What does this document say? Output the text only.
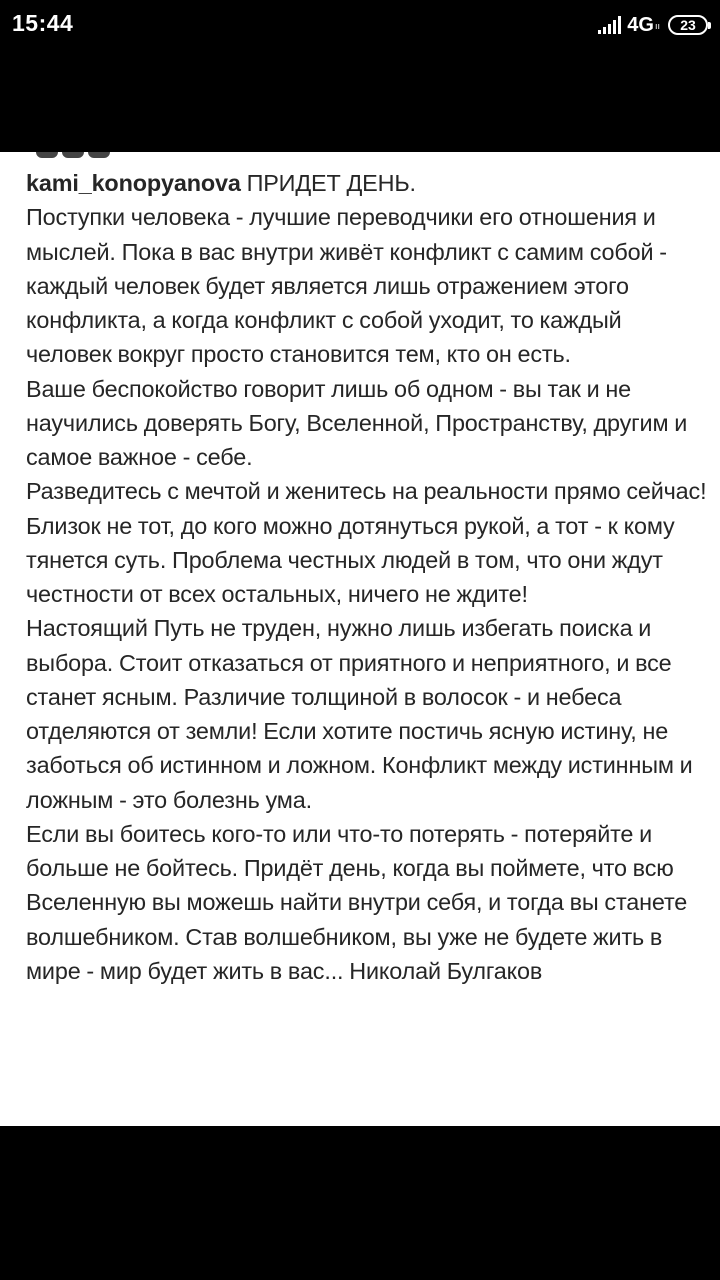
15:44	$4G^{ıı}$ 23

kami_konopyanova ПРИДЕТ ДЕНЬ.

Поступки человека - лучшие переводчики его отношения и мыслей. Пока в вас внутри живёт конфликт с самим собой - каждый человек будет является лишь отражением этого конфликта, а когда конфликт с собой уходит, то каждый человек вокруг просто становится тем, кто он есть.

Ваше беспокойство говорит лишь об одном - вы так и не научились доверять Богу, Вселенной, Пространству, другим и самое важное - себе.

Разведитесь с мечтой и женитесь на реальности прямо сейчас! Близок не тот, до кого можно дотянуться рукой, а тот - к кому тянется суть. Проблема честных людей в том, что они ждут честности от всех остальных, ничего не ждите!

Настоящий Путь не труден, нужно лишь избегать поиска и выбора. Стоит отказаться от приятного и неприятного, и все станет ясным. Различие толщиной в волосок - и небеса отделяются от земли! Если хотите постичь ясную истину, не заботься об истинном и ложном. Конфликт между истинным и ложным - это болезнь ума.

Если вы боитесь кого-то или что-то потерять - потеряйте и больше не бойтесь. Придёт день, когда вы поймете, что всю Вселенную вы можешь найти внутри себя, и тогда вы станете волшебником. Став волшебником, вы уже не будете жить в мире - мир будет жить в вас... Николай Булгаков
